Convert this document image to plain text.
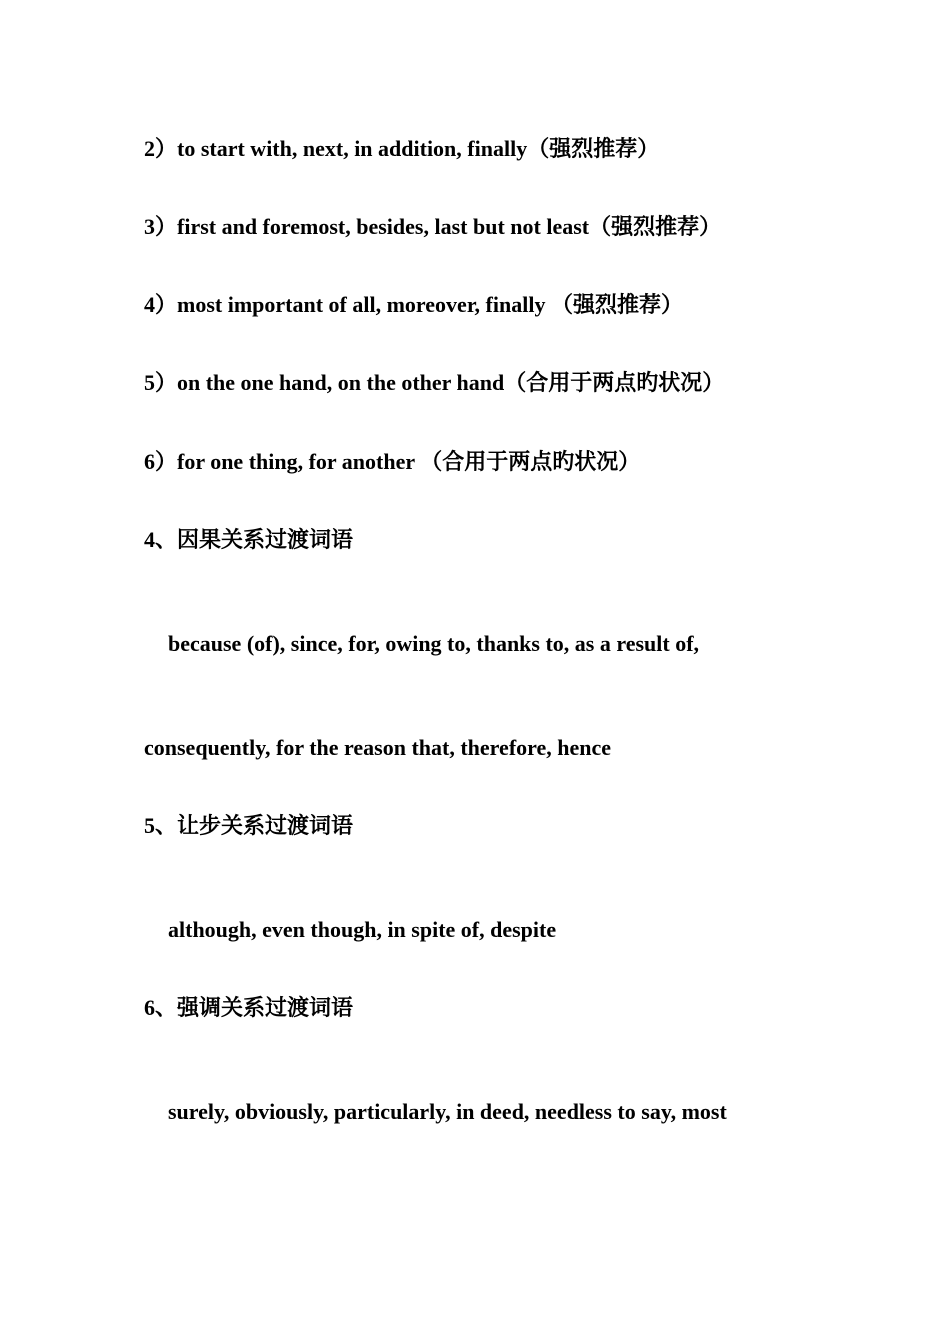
2）to start with, next, in addition, finally（强烈推荐）
3）first and foremost, besides, last but not least（强烈推荐）
4）most important of all, moreover, finally （强烈推荐）
5）on the one hand, on the other hand（合用于两点旳状况）
6）for one thing, for another （合用于两点旳状况）
4、因果关系过渡词语
because (of), since, for, owing to, thanks to, as a result of,
consequently, for the reason that, therefore, hence
5、让步关系过渡词语
although, even though, in spite of, despite
6、强调关系过渡词语
surely, obviously, particularly, in deed, needless to say, most
